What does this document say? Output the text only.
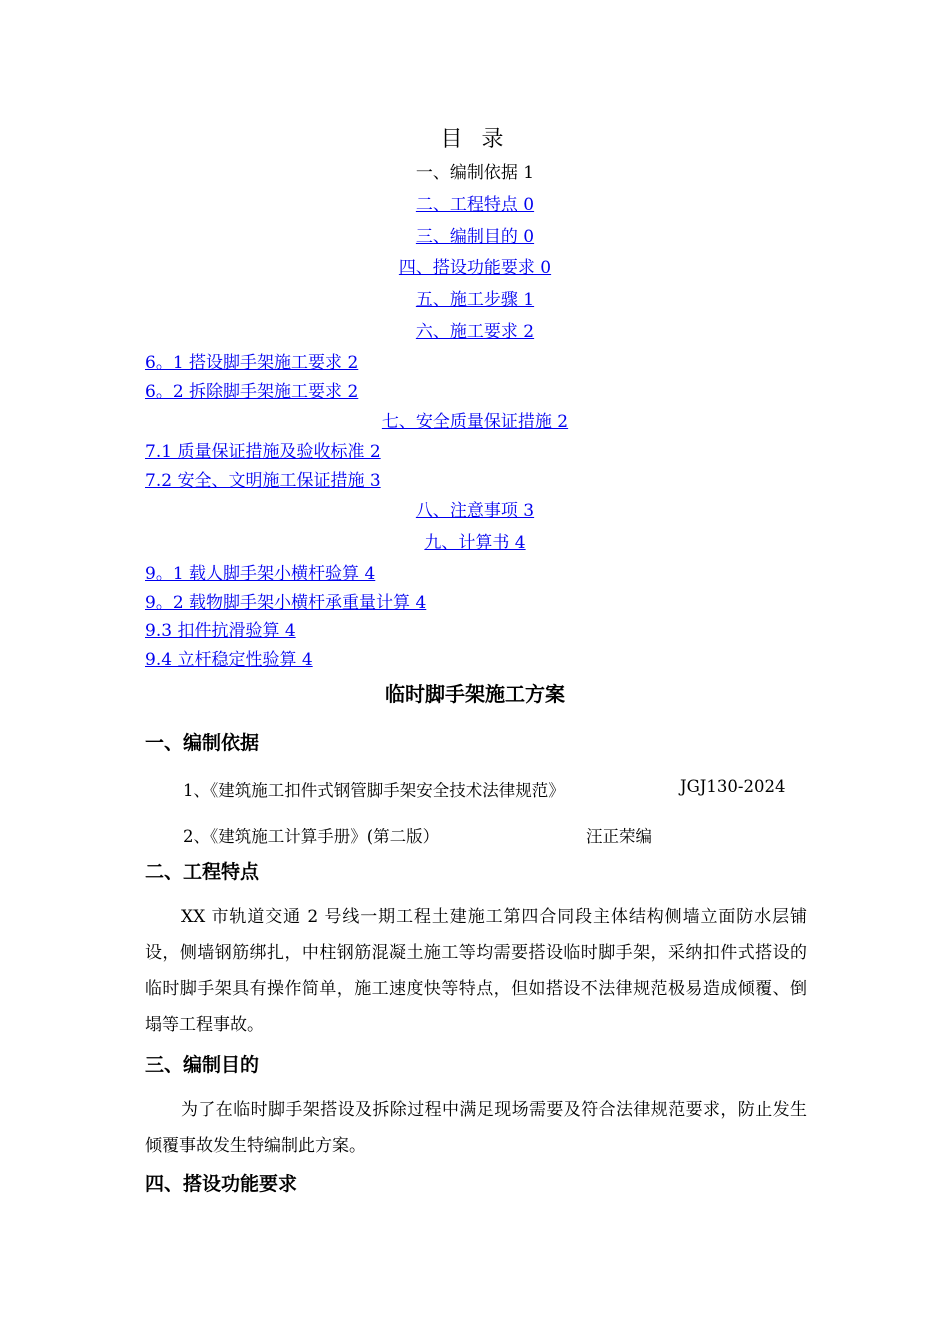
目 录
一、编制依据 1
二、工程特点 0
三、编制目的 0
四、搭设功能要求 0
五、施工步骤 1
六、施工要求 2
6。1 搭设脚手架施工要求 2
6。2 拆除脚手架施工要求 2
七、安全质量保证措施 2
7.1 质量保证措施及验收标准 2
7.2 安全、文明施工保证措施 3
八、注意事项 3
九、计算书 4
9。1 载人脚手架小横杆验算 4
9。2 载物脚手架小横杆承重量计算 4
9.3 扣件抗滑验算 4
9.4 立杆稳定性验算 4
临时脚手架施工方案
一、编制依据
1、《建筑施工扣件式钢管脚手架安全技术法律规范》	JGJ130-2024
2、《建筑施工计算手册》(第二版）	汪正荣编
二、工程特点

XX 市轨道交通 2 号线一期工程土建施工第四合同段主体结构侧墙立面防水层铺设，侧墙钢筋绑扎，中柱钢筋混凝土施工等均需要搭设临时脚手架，采纳扣件式搭设的临时脚手架具有操作简单，施工速度快等特点，但如搭设不法律规范极易造成倾覆、倒塌等工程事故。

三、编制目的

为了在临时脚手架搭设及拆除过程中满足现场需要及符合法律规范要求，防止发生倾覆事故发生特编制此方案。

四、搭设功能要求
